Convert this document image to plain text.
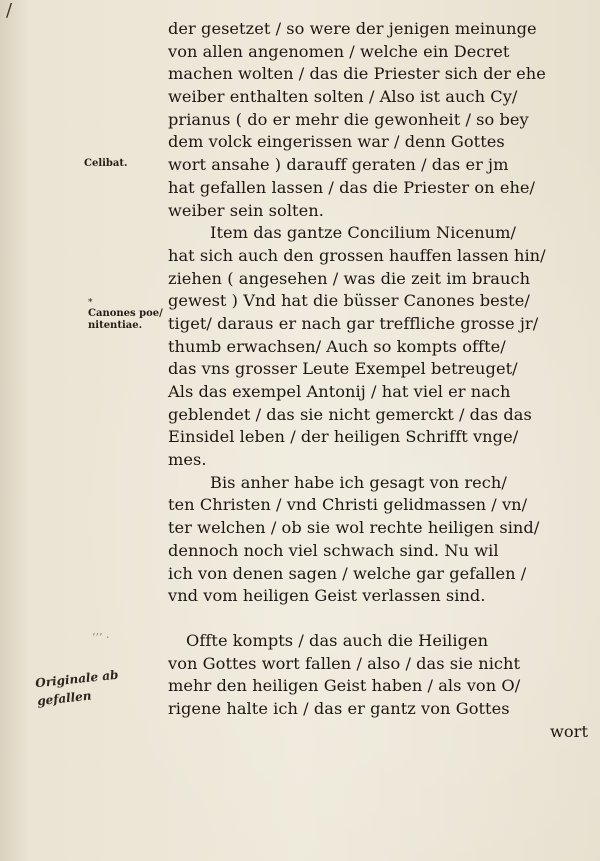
/
Celibat.
*
Canones poe/
nitentiae.
‘’’ ·
Originale ab
gefallen
der gesetzet / so were der jenigen meinunge
von allen angenomen / welche ein Decret
machen wolten / das die Priester sich der ehe
weiber enthalten solten / Also ist auch Cy/
prianus ( do er mehr die gewonheit / so bey
dem volck eingerissen war / denn Gottes
wort ansahe ) darauff geraten / das er jm
hat gefallen lassen / das die Priester on ehe/
weiber sein solten.
Item das gantze Concilium Nicenum/
hat sich auch den grossen hauffen lassen hin/
ziehen ( angesehen / was die zeit im brauch
gewest ) Vnd hat die büsser Canones beste/
tiget/ daraus er nach gar treffliche grosse jr/
thumb erwachsen/ Auch so kompts offte/
das vns grosser Leute Exempel betreuget/
Als das exempel Antonij / hat viel er nach
geblendet / das sie nicht gemerckt / das das
Einsidel leben / der heiligen Schrifft vnge/
mes.
Bis anher habe ich gesagt von rech/
ten Christen / vnd Christi gelidmassen / vn/
ter welchen / ob sie wol rechte heiligen sind/
dennoch noch viel schwach sind. Nu wil
ich von denen sagen / welche gar gefallen /
vnd vom heiligen Geist verlassen sind.
Offte kompts / das auch die Heiligen
von Gottes wort fallen / also / das sie nicht
mehr den heiligen Geist haben / als von O/
rigene halte ich / das er gantz von Gottes
wort
